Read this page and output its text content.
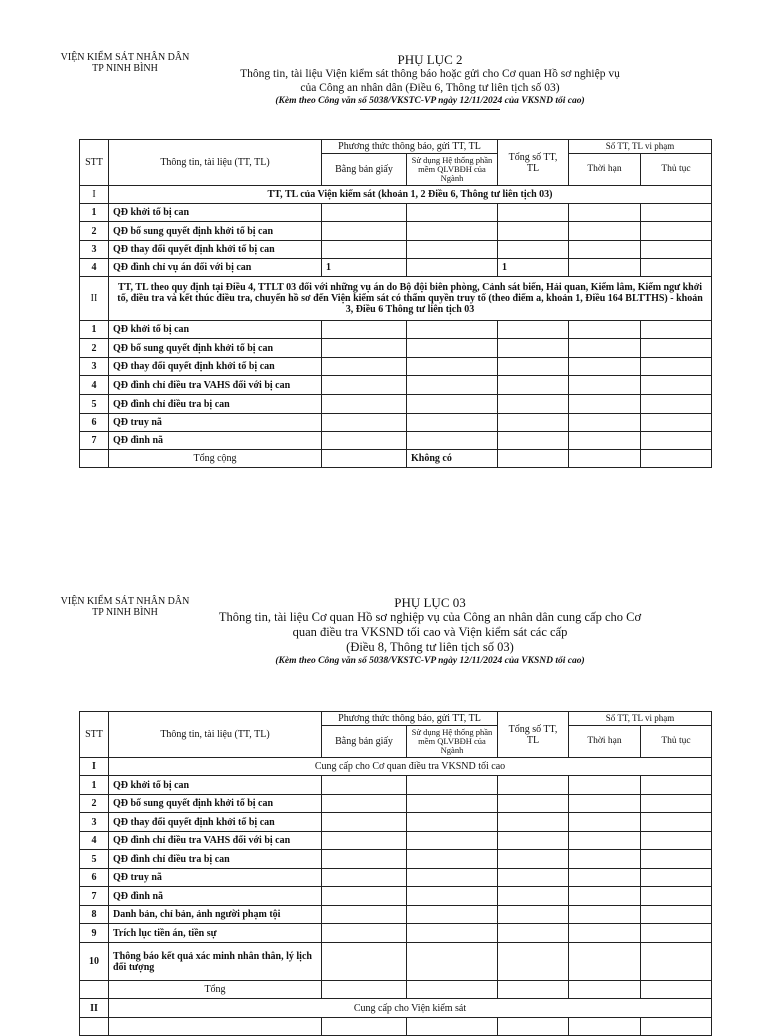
VIỆN KIỂM SÁT NHÂN DÂN
TP NINH BÌNH
PHỤ LỤC 2
Thông tin, tài liệu Viện kiểm sát thông báo hoặc gửi cho Cơ quan Hồ sơ nghiệp vụ
của Công an nhân dân (Điều 6, Thông tư liên tịch số 03)
(Kèm theo Công văn số 5038/VKSTC-VP ngày 12/11/2024 của VKSND tối cao)
STT	Thông tin, tài liệu (TT, TL)	Phương thức thông báo, gửi TT, TL		Tổng số TT, TL	Số TT, TL vi phạm	
		Bằng bản giấy	Sử dụng Hệ thống phần mềm QLVBĐH của Ngành		Thời hạn	Thủ tục
I	TT, TL của Viện kiểm sát (khoản 1, 2 Điều 6, Thông tư liên tịch 03)					
1	QĐ khởi tố bị can					
2	QĐ bổ sung quyết định khởi tố bị can					
3	QĐ thay đổi quyết định khởi tố bị can					
4	QĐ đình chỉ vụ án đối với bị can	1		1		
II	TT, TL theo quy định tại Điều 4, TTLT 03 đối với những vụ án do Bộ đội biên phòng, Cảnh sát biển, Hải quan, Kiểm lâm, Kiểm ngư khởi tố, điều tra và kết thúc điều tra, chuyển hồ sơ đến Viện kiểm sát có thẩm quyền truy tố (theo điểm a, khoản 1, Điều 164 BLTTHS) - khoản 3, Điều 6 Thông tư liên tịch 03					
1	QĐ khởi tố bị can					
2	QĐ bổ sung quyết định khởi tố bị can					
3	QĐ thay đổi quyết định khởi tố bị can					
4	QĐ đình chỉ điều tra VAHS đối với bị can					
5	QĐ đình chỉ điều tra bị can					
6	QĐ truy nã					
7	QĐ đình nã					
	Tổng cộng		Không có			
VIỆN KIỂM SÁT NHÂN DÂN
TP NINH BÌNH
PHỤ LỤC 03
Thông tin, tài liệu Cơ quan Hồ sơ nghiệp vụ của Công an nhân dân cung cấp cho Cơ
quan điều tra VKSND tối cao và Viện kiểm sát các cấp
(Điều 8, Thông tư liên tịch số 03)
(Kèm theo Công văn số 5038/VKSTC-VP ngày 12/11/2024 của VKSND tối cao)
STT	Thông tin, tài liệu (TT, TL)	Phương thức thông báo, gửi TT, TL		Tổng số TT, TL	Số TT, TL vi phạm	
		Bằng bản giấy	Sử dụng Hệ thống phần mềm QLVBĐH của Ngành		Thời hạn	Thủ tục
I	Cung cấp cho Cơ quan điều tra VKSND tối cao					
1	QĐ khởi tố bị can					
2	QĐ bổ sung quyết định khởi tố bị can					
3	QĐ thay đổi quyết định khởi tố bị can					
4	QĐ đình chỉ điều tra VAHS đối với bị can					
5	QĐ đình chỉ điều tra bị can					
6	QĐ truy nã					
7	QĐ đình nã					
8	Danh bản, chỉ bản, ảnh người phạm tội					
9	Trích lục tiền án, tiền sự					
10	Thông báo kết quả xác minh nhân thân, lý lịch đối tượng					
	Tổng					
II	Cung cấp cho Viện kiểm sát					
